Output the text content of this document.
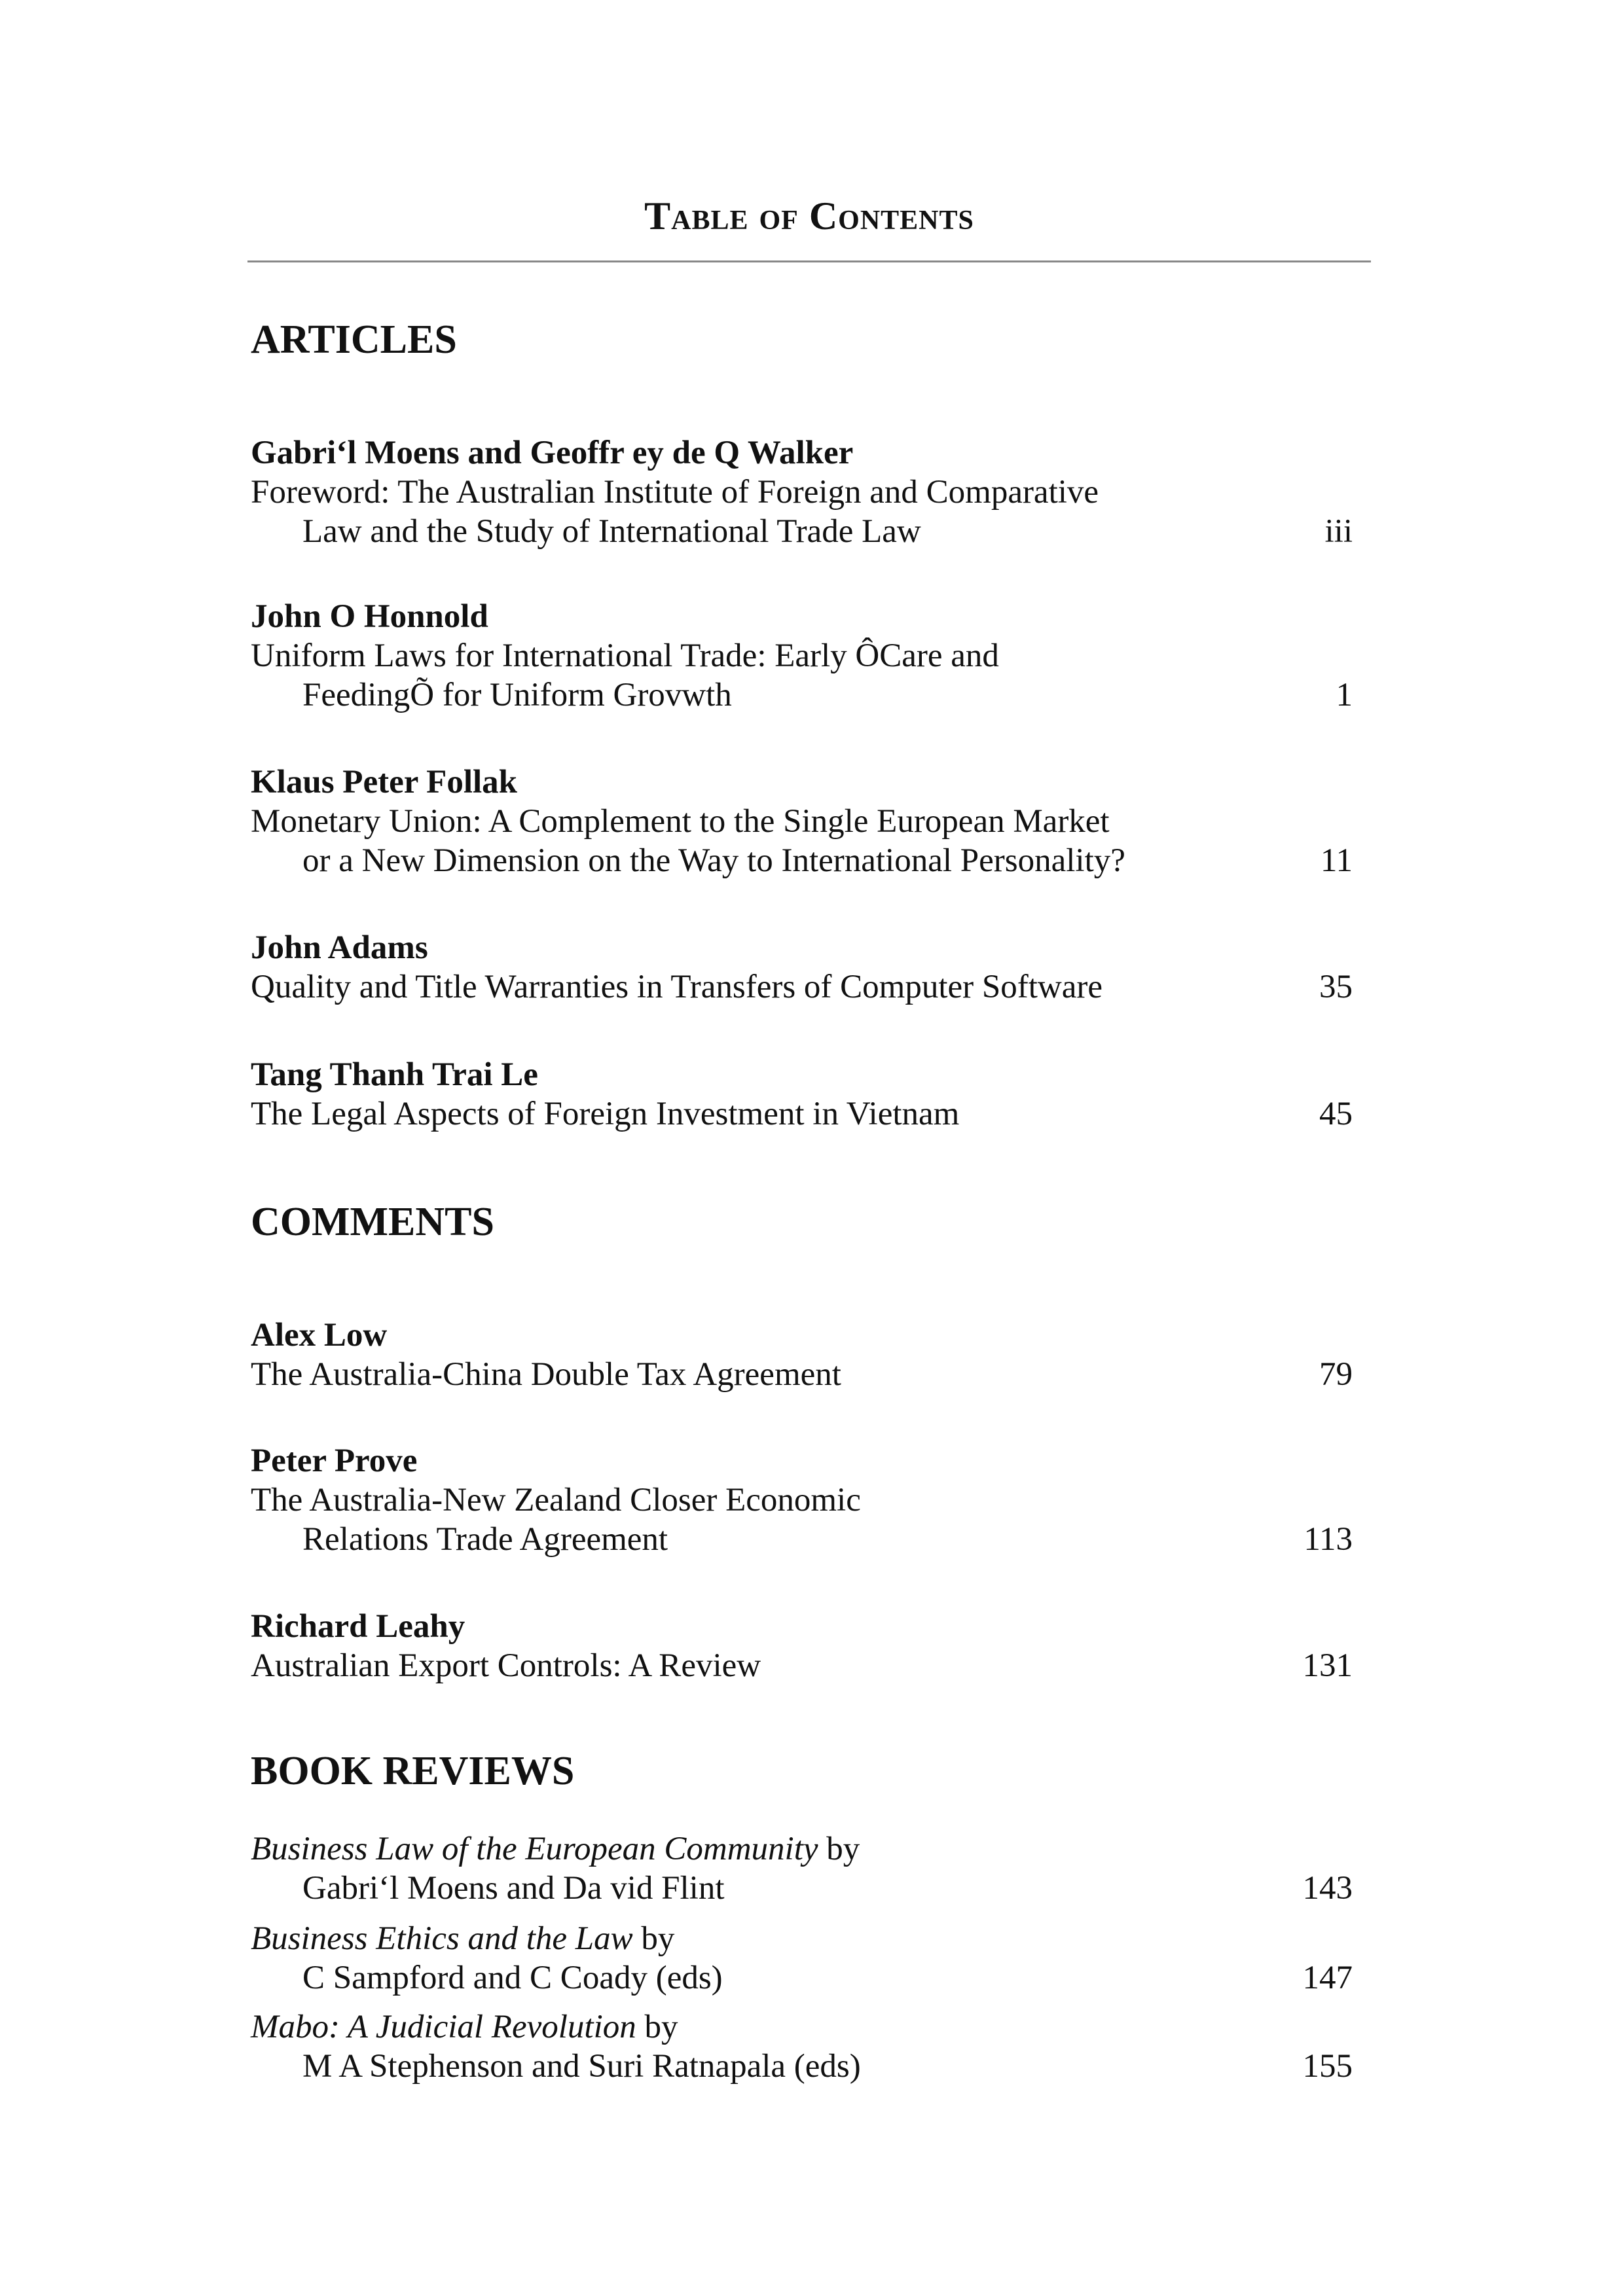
Table of Contents
ARTICLES
Gabri‘l Moens and Geoffr ey de Q Walker
Foreword: The Australian Institute of Foreign and Comparative
Law and the Study of International Trade Law	iii
John O Honnold
Uniform Laws for International Trade: Early ÔCare and
FeedingÕ for Uniform Grovwth	1
Klaus Peter Follak
Monetary Union: A Complement to the Single European Market
or a New Dimension on the Way to International Personality?	11
John Adams
Quality and Title Warranties in Transfers of Computer Software	35
Tang Thanh Trai Le
The Legal Aspects of Foreign Investment in Vietnam	45
COMMENTS
Alex Low
The Australia-China Double Tax Agreement	79
Peter Prove
The Australia-New Zealand Closer Economic
Relations Trade Agreement	113
Richard Leahy
Australian Export Controls: A Review	131
BOOK REVIEWS
Business Law of the European Community by
Gabri‘l Moens and Da vid Flint	143
Business Ethics and the Law by
C Sampford and C Coady (eds)	147
Mabo: A Judicial Revolution by
M A Stephenson and Suri Ratnapala (eds)	155
